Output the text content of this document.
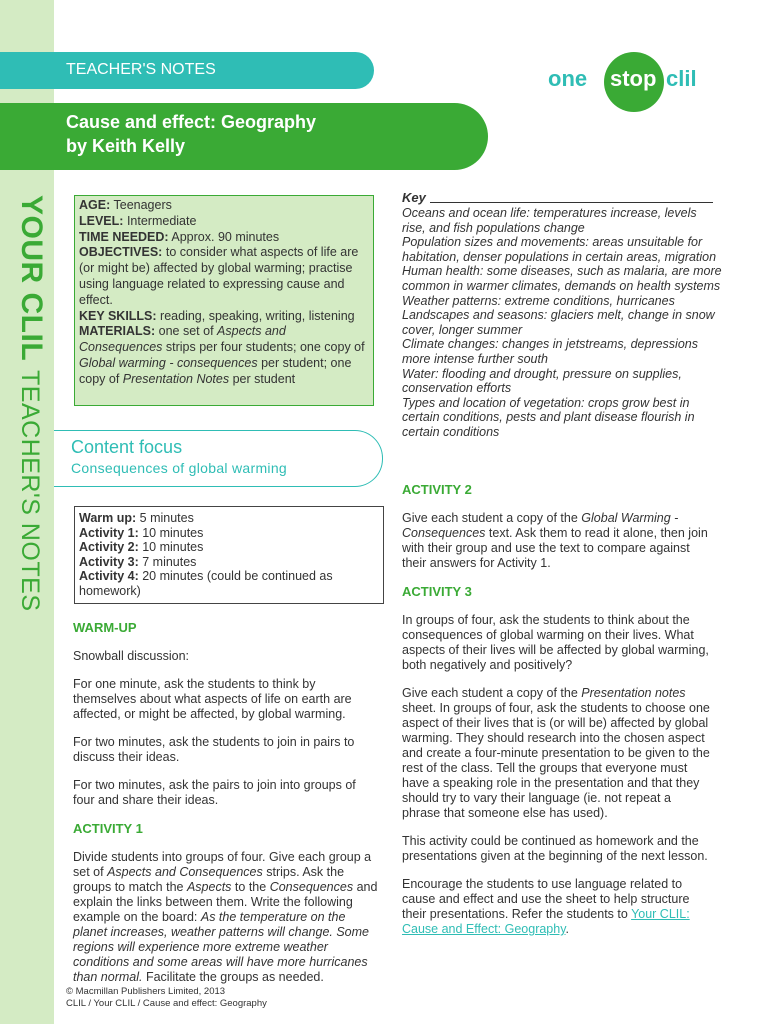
YOUR CLIL TEACHER'S NOTES
TEACHER'S NOTES
Cause and effect: Geography
by Keith Kelly
one stop clil
AGE: Teenagers
LEVEL: Intermediate
TIME NEEDED: Approx. 90 minutes
OBJECTIVES: to consider what aspects of life are (or might be) affected by global warming; practise using language related to expressing cause and effect.
KEY SKILLS: reading, speaking, writing, listening
MATERIALS: one set of Aspects and Consequences strips per four students; one copy of Global warming - consequences per student; one copy of Presentation Notes per student
Content focus
Consequences of global warming
Warm up: 5 minutes
Activity 1: 10 minutes
Activity 2: 10 minutes
Activity 3: 7 minutes
Activity 4: 20 minutes (could be continued as homework)

WARM-UP

Snowball discussion:

For one minute, ask the students to think by themselves about what aspects of life on earth are affected, or might be affected, by global warming.

For two minutes, ask the students to join in pairs to discuss their ideas.

For two minutes, ask the pairs to join into groups of four and share their ideas.

ACTIVITY 1

Divide students into groups of four. Give each group a set of Aspects and Consequences strips. Ask the groups to match the Aspects to the Consequences and explain the links between them. Write the following example on the board: As the temperature on the planet increases, weather patterns will change. Some regions will experience more extreme weather conditions and some areas will have more hurricanes than normal. Facilitate the groups as needed.

Key
Oceans and ocean life: temperatures increase, levels rise, and fish populations change
Population sizes and movements: areas unsuitable for habitation, denser populations in certain areas, migration
Human health: some diseases, such as malaria, are more common in warmer climates, demands on health systems
Weather patterns: extreme conditions, hurricanes
Landscapes and seasons: glaciers melt, change in snow cover, longer summer
Climate changes: changes in jetstreams, depressions more intense further south
Water: flooding and drought, pressure on supplies, conservation efforts
Types and location of vegetation: crops grow best in certain conditions, pests and plant disease flourish in certain conditions

ACTIVITY 2

Give each student a copy of the Global Warming - Consequences text. Ask them to read it alone, then join with their group and use the text to compare against their answers for Activity 1.

ACTIVITY 3

In groups of four, ask the students to think about the consequences of global warming on their lives. What aspects of their lives will be affected by global warming, both negatively and positively?

Give each student a copy of the Presentation notes sheet. In groups of four, ask the students to choose one aspect of their lives that is (or will be) affected by global warming. They should research into the chosen aspect and create a four-minute presentation to be given to the rest of the class. Tell the groups that everyone must have a speaking role in the presentation and that they should try to vary their language (ie. not repeat a phrase that someone else has used).

This activity could be continued as homework and the presentations given at the beginning of the next lesson.

Encourage the students to use language related to cause and effect and use the sheet to help structure their presentations. Refer the students to Your CLIL: Cause and Effect: Geography.

© Macmillan Publishers Limited, 2013
CLIL / Your CLIL / Cause and effect: Geography
